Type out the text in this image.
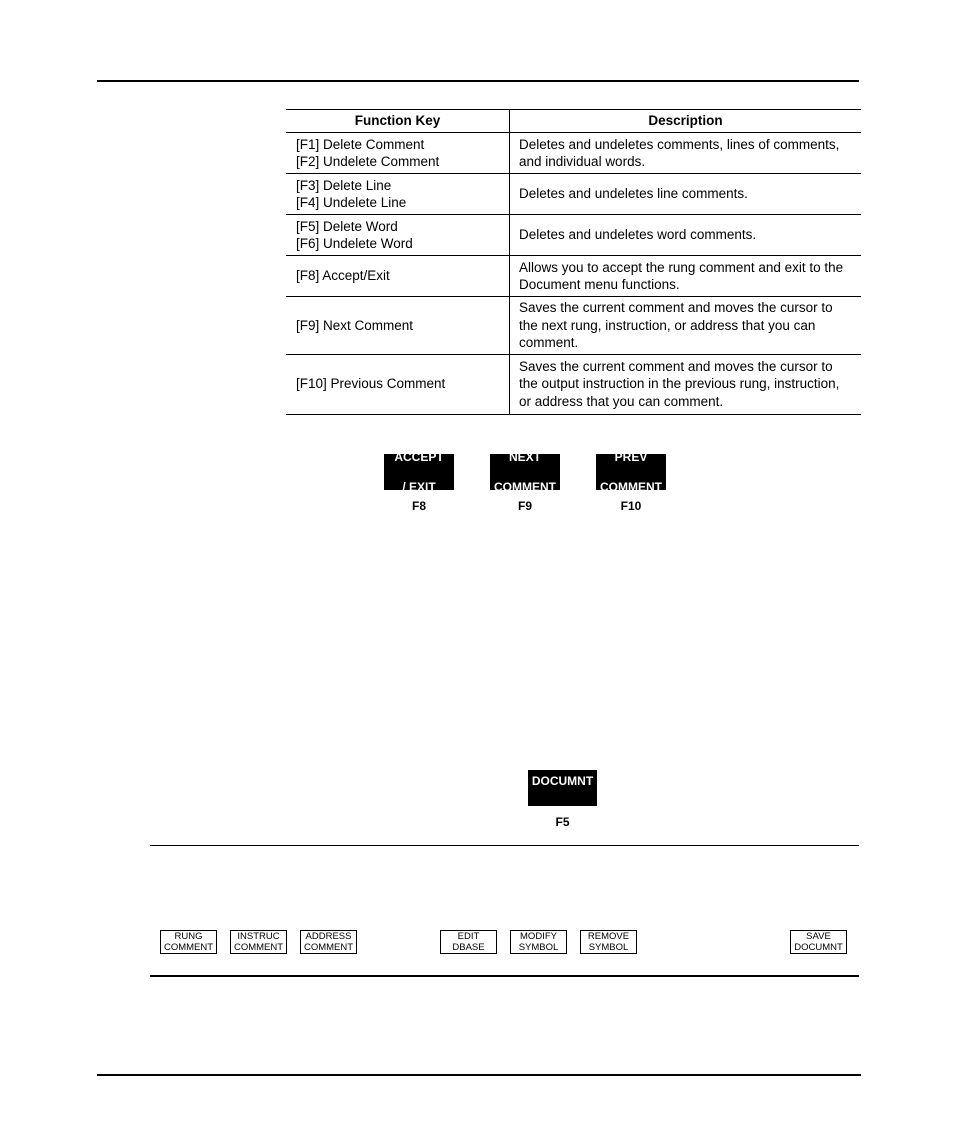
Function Key	Description

[F1] Delete Comment
[F2] Undelete Comment	Deletes and undeletes comments, lines of comments, and individual words.

[F3] Delete Line
[F4] Undelete Line	Deletes and undeletes line comments.

[F5] Delete Word
[F6] Undelete Word	Deletes and undeletes word comments.

[F8] Accept/Exit	Allows you to accept the rung comment and exit to the Document menu functions.

[F9] Next Comment	Saves the current comment and moves the cursor to the next rung, instruction, or address that you can comment.

[F10] Previous Comment	Saves the current comment and moves the cursor to the output instruction in the previous rung, instruction, or address that you can comment.

ACCEPT

/ EXIT

F8

NEXT

COMMENT

F9

PREV

COMMENT

F10
DOCUMNT
F5
RUNG
COMMENT
INSTRUC
COMMENT
ADDRESS
COMMENT
EDIT
DBASE
MODIFY
SYMBOL
REMOVE
SYMBOL
SAVE
DOCUMNT
